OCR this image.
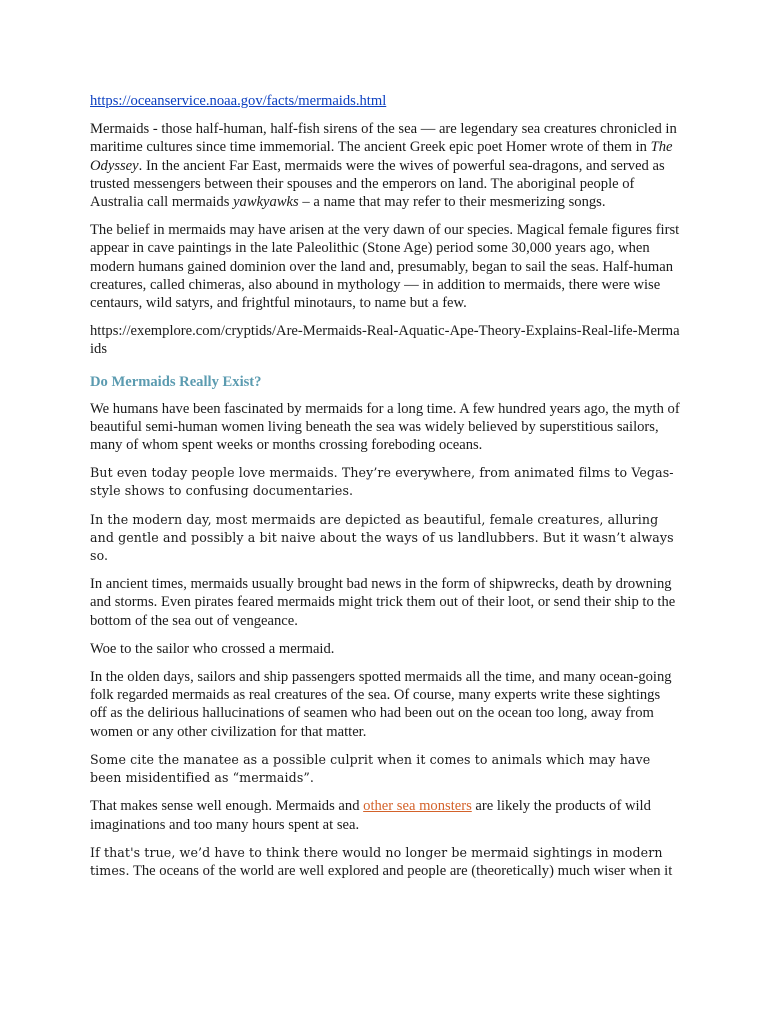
https://oceanservice.noaa.gov/facts/mermaids.html

Mermaids - those half-human, half-fish sirens of the sea — are legendary sea creatures chronicled in maritime cultures since time immemorial. The ancient Greek epic poet Homer wrote of them in The Odyssey. In the ancient Far East, mermaids were the wives of powerful sea-dragons, and served as trusted messengers between their spouses and the emperors on land. The aboriginal people of Australia call mermaids yawkyawks – a name that may refer to their mesmerizing songs.

The belief in mermaids may have arisen at the very dawn of our species. Magical female figures first appear in cave paintings in the late Paleolithic (Stone Age) period some 30,000 years ago, when modern humans gained dominion over the land and, presumably, began to sail the seas. Half-human creatures, called chimeras, also abound in mythology — in addition to mermaids, there were wise centaurs, wild satyrs, and frightful minotaurs, to name but a few.

https://exemplore.com/cryptids/Are-Mermaids-Real-Aquatic-Ape-Theory-Explains-Real-life-Mermaids
Do Mermaids Really Exist?

We humans have been fascinated by mermaids for a long time. A few hundred years ago, the myth of beautiful semi-human women living beneath the sea was widely believed by superstitious sailors, many of whom spent weeks or months crossing foreboding oceans.

But even today people love mermaids. They’re everywhere, from animated films to Vegas-style shows to confusing documentaries.

In the modern day, most mermaids are depicted as beautiful, female creatures, alluring and gentle and possibly a bit naive about the ways of us landlubbers. But it wasn’t always so.

In ancient times, mermaids usually brought bad news in the form of shipwrecks, death by drowning and storms. Even pirates feared mermaids might trick them out of their loot, or send their ship to the bottom of the sea out of vengeance.

Woe to the sailor who crossed a mermaid.

In the olden days, sailors and ship passengers spotted mermaids all the time, and many ocean-going folk regarded mermaids as real creatures of the sea. Of course, many experts write these sightings off as the delirious hallucinations of seamen who had been out on the ocean too long, away from women or any other civilization for that matter.

Some cite the manatee as a possible culprit when it comes to animals which may have been misidentified as “mermaids”.

That makes sense well enough. Mermaids and other sea monsters are likely the products of wild imaginations and too many hours spent at sea.

If that's true, we’d have to think there would no longer be mermaid sightings in modern times. The oceans of the world are well explored and people are (theoretically) much wiser when it
